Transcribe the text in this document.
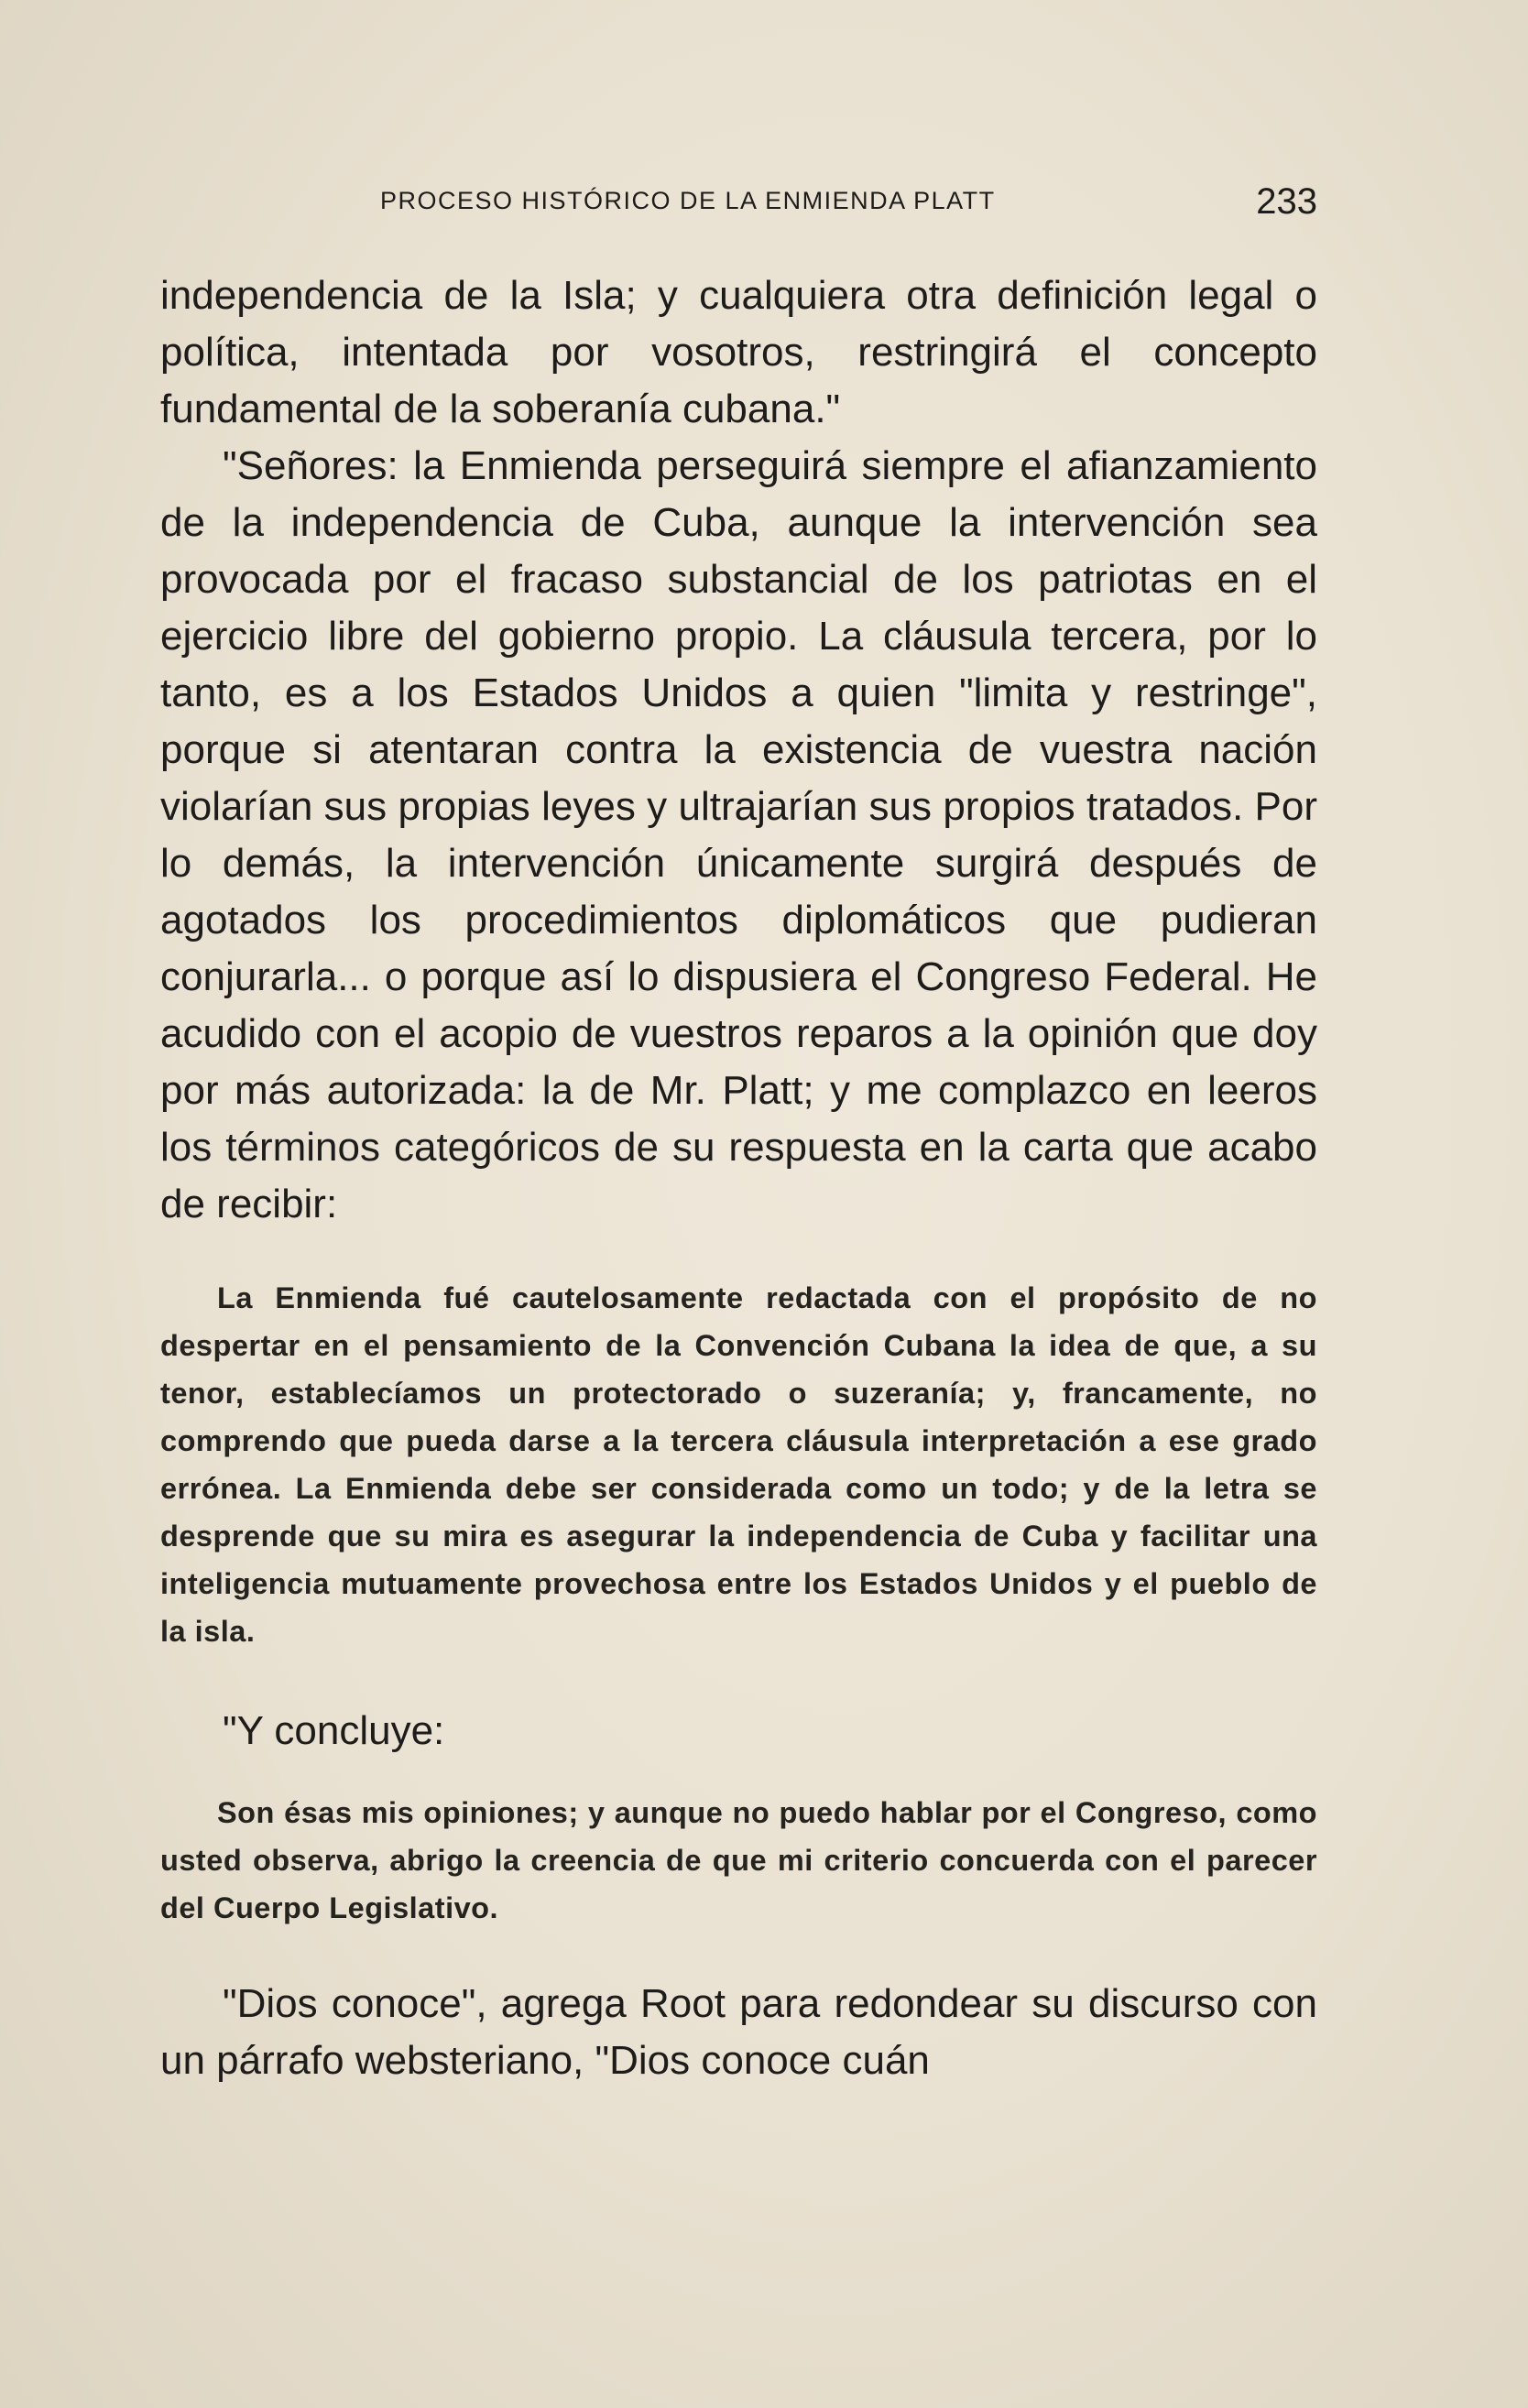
PROCESO HISTÓRICO DE LA ENMIENDA PLATT	233

independencia de la Isla; y cualquiera otra definición legal o política, intentada por vosotros, restringirá el concepto fundamental de la soberanía cubana."

"Señores: la Enmienda perseguirá siempre el afianzamiento de la independencia de Cuba, aunque la intervención sea provocada por el fracaso substancial de los patriotas en el ejercicio libre del gobierno propio. La cláusula tercera, por lo tanto, es a los Estados Unidos a quien "limita y restringe", porque si atentaran contra la existencia de vuestra nación violarían sus propias leyes y ultrajarían sus propios tratados. Por lo demás, la intervención únicamente surgirá después de agotados los procedimientos diplomáticos que pudieran conjurarla... o porque así lo dispusiera el Congreso Federal. He acudido con el acopio de vuestros reparos a la opinión que doy por más autorizada: la de Mr. Platt; y me complazco en leeros los términos categóricos de su respuesta en la carta que acabo de recibir:

La Enmienda fué cautelosamente redactada con el propósito de no despertar en el pensamiento de la Convención Cubana la idea de que, a su tenor, establecíamos un protectorado o suzeranía; y, francamente, no comprendo que pueda darse a la tercera cláusula interpretación a ese grado errónea. La Enmienda debe ser considerada como un todo; y de la letra se desprende que su mira es asegurar la independencia de Cuba y facilitar una inteligencia mutuamente provechosa entre los Estados Unidos y el pueblo de la isla.

"Y concluye:

Son ésas mis opiniones; y aunque no puedo hablar por el Congreso, como usted observa, abrigo la creencia de que mi criterio concuerda con el parecer del Cuerpo Legislativo.

"Dios conoce", agrega Root para redondear su discurso con un párrafo websteriano, "Dios conoce cuán
